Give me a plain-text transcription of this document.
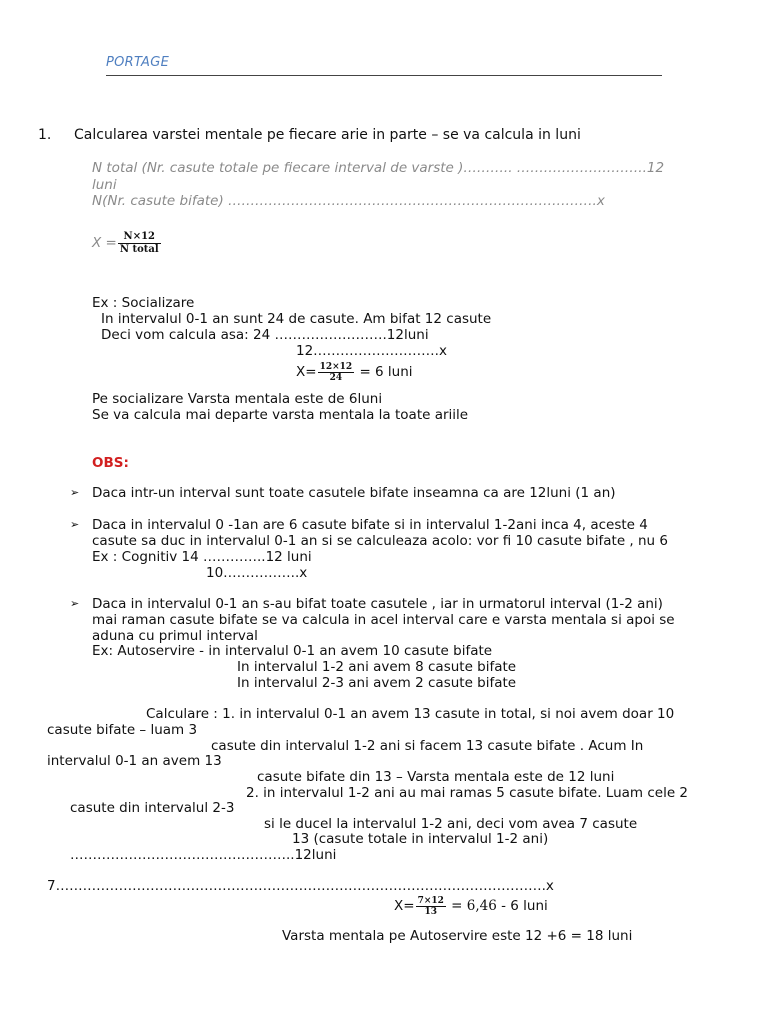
PORTAGE
1. Calcularea varstei mentale pe fiecare arie in parte – se va calcula in luni
N total (Nr. casute totale pe fiecare interval de varste )……….. ………………………..12
luni
N(Nr. casute bifate) ……………………………………………………………………….x
$X = \frac{N\times 12}{\text{N total}}$
Ex : Socializare
In intervalul 0-1 an sunt 24 de casute. Am bifat 12 casute
Deci vom calcula asa: 24 …………………….12luni
12……………………….x
$X= \frac{12\times 12}{24} = 6$ luni
Pe socializare Varsta mentala este de 6luni
Se va calcula mai departe varsta mentala la toate ariile
OBS:
➢ Daca intr-un interval sunt toate casutele bifate inseamna ca are 12luni (1 an)
➢ Daca in intervalul 0 -1an are 6 casute bifate si in intervalul 1-2ani inca 4, aceste 4
casute sa duc in intervalul 0-1 an si se calculeaza acolo: vor fi 10 casute bifate , nu 6
Ex : Cognitiv 14 …………..12 luni
10……………..x
➢ Daca in intervalul 0-1 an s-au bifat toate casutele , iar in urmatorul interval (1-2 ani)
mai raman casute bifate se va calcula in acel interval care e varsta mentala si apoi se
aduna cu primul interval
Ex: Autoservire - in intervalul 0-1 an avem 10 casute bifate
In intervalul 1-2 ani avem 8 casute bifate
In intervalul 2-3 ani avem 2 casute bifate
Calculare : 1. in intervalul 0-1 an avem 13 casute in total, si noi avem doar 10
casute bifate – luam 3
casute din intervalul 1-2 ani si facem 13 casute bifate . Acum In
intervalul 0-1 an avem 13
casute bifate din 13 – Varsta mentala este de 12 luni
2. in intervalul 1-2 ani au mai ramas 5 casute bifate. Luam cele 2
casute din intervalul 2-3
si le ducel la intervalul 1-2 ani, deci vom avea 7 casute
13 (casute totale in intervalul 1-2 ani)
…………………………………………..12luni
7……………………………………………………………………………………………….x
$X= \frac{7\times 12}{13} = 6,46 - 6$ luni
Varsta mentala pe Autoservire este 12 +6 = 18 luni
